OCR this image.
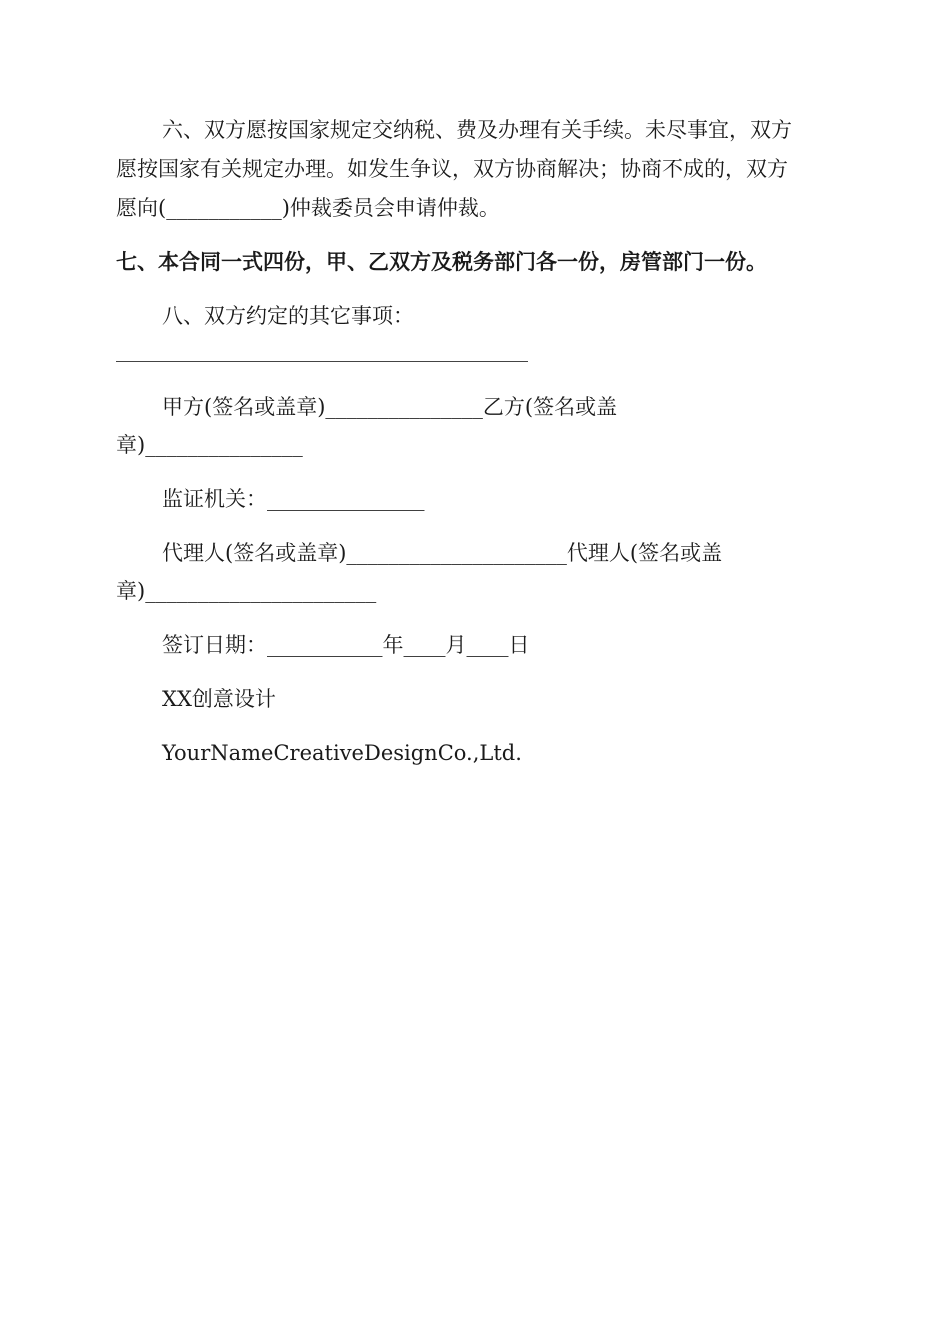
六、双方愿按国家规定交纳税、费及办理有关手续。未尽事宜，双方
愿按国家有关规定办理。如发生争议，双方协商解决；协商不成的，双方
愿向(___________)仲裁委员会申请仲裁。
七、本合同一式四份，甲、乙双方及税务部门各一份，房管部门一份。
八、双方约定的其它事项：
甲方(签名或盖章)_______________乙方(签名或盖
章)_______________
监证机关：_______________
代理人(签名或盖章)_____________________代理人(签名或盖
章)______________________
签订日期：___________年____月____日
XX创意设计
YourNameCreativeDesignCo.,Ltd.
